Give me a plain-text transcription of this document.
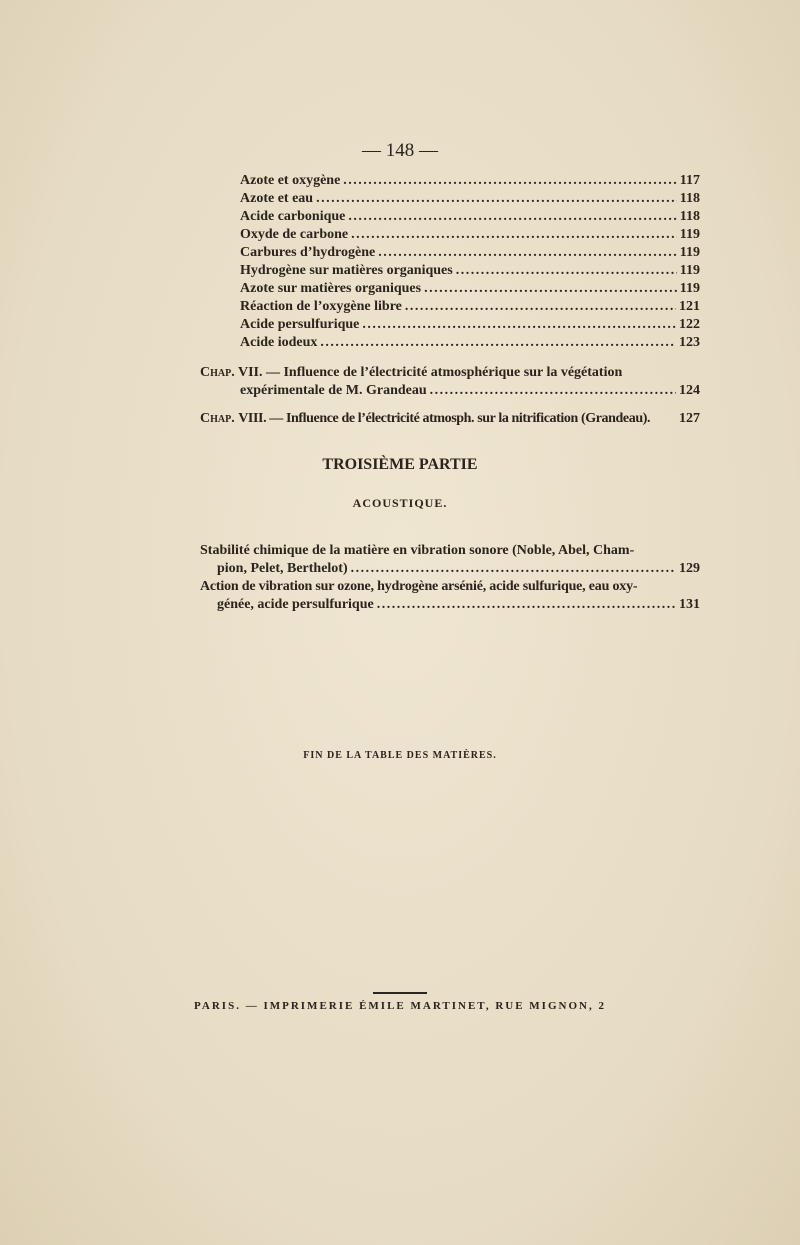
— 148 —
Azote et oxygène . . .	117
Azote et eau . . .	118
Acide carbonique . . .	118
Oxyde de carbone . . .	119
Carbures d’hydrogène . . .	119
Hydrogène sur matières organiques . . .	119
Azote sur matières organiques . . .	119
Réaction de l’oxygène libre . . .	121
Acide persulfurique . . .	122
Acide iodeux . . .	123
Chap. VII. — Influence de l’électricité atmosphérique sur la végétation
expérimentale de M. Grandeau . . .	124
Chap. VIII. — Influence de l’électricité atmosph. sur la nitrification (Grandeau). 127
TROISIÈME PARTIE
ACOUSTIQUE.
Stabilité chimique de la matière en vibration sonore (Noble, Abel, Cham-
pion, Pelet, Berthelot) . . .	129
Action de vibration sur ozone, hydrogène arsénié, acide sulfurique, eau oxy-
génée, acide persulfurique . . .	131
FIN DE LA TABLE DES MATIÈRES.
PARIS. — IMPRIMERIE ÉMILE MARTINET, RUE MIGNON, 2
